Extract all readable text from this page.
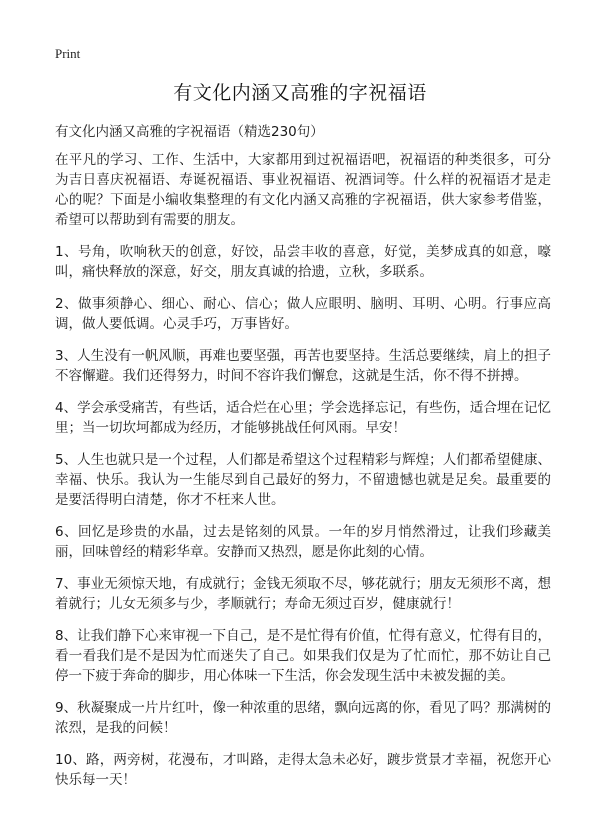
Print
有文化内涵又高雅的字祝福语
有文化内涵又高雅的字祝福语（精选230句）

在平凡的学习、工作、生活中，大家都用到过祝福语吧，祝福语的种类很多，可分为吉日喜庆祝福语、寿诞祝福语、事业祝福语、祝酒词等。什么样的祝福语才是走心的呢？下面是小编收集整理的有文化内涵又高雅的字祝福语，供大家参考借鉴，希望可以帮助到有需要的朋友。

1、号角，吹响秋天的创意，好饺，品尝丰收的喜意，好觉，美梦成真的如意，嚎叫，痛快释放的深意，好交，朋友真诚的拾遗，立秋，多联系。

2、做事须静心、细心、耐心、信心；做人应眼明、脑明、耳明、心明。行事应高调，做人要低调。心灵手巧，万事皆好。

3、人生没有一帆风顺，再难也要坚强，再苦也要坚持。生活总要继续，肩上的担子不容懈避。我们还得努力，时间不容许我们懈怠，这就是生活，你不得不拼搏。

4、学会承受痛苦，有些话，适合烂在心里；学会选择忘记，有些伤，适合埋在记忆里；当一切坎坷都成为经历，才能够挑战任何风雨。早安！

5、人生也就只是一个过程，人们都是希望这个过程精彩与辉煌；人们都希望健康、幸福、快乐。我认为一生能尽到自己最好的努力，不留遗憾也就是足矣。最重要的是要活得明白清楚，你才不枉来人世。

6、回忆是珍贵的水晶，过去是铭刻的风景。一年的岁月悄然滑过，让我们珍藏美丽，回味曾经的精彩华章。安静而又热烈，愿是你此刻的心情。

7、事业无须惊天地，有成就行；金钱无须取不尽，够花就行；朋友无须形不离，想着就行；儿女无须多与少，孝顺就行；寿命无须过百岁，健康就行！

8、让我们静下心来审视一下自己，是不是忙得有价值，忙得有意义，忙得有目的，看一看我们是不是因为忙而迷失了自己。如果我们仅是为了忙而忙，那不妨让自己停一下疲于奔命的脚步，用心体味一下生活，你会发现生活中未被发掘的美。

9、秋凝聚成一片片红叶，像一种浓重的思绪，飘向远离的你，看见了吗？那满树的浓烈，是我的问候！

10、路，两旁树，花漫布，才叫路，走得太急未必好，踱步赏景才幸福，祝您开心快乐每一天！
